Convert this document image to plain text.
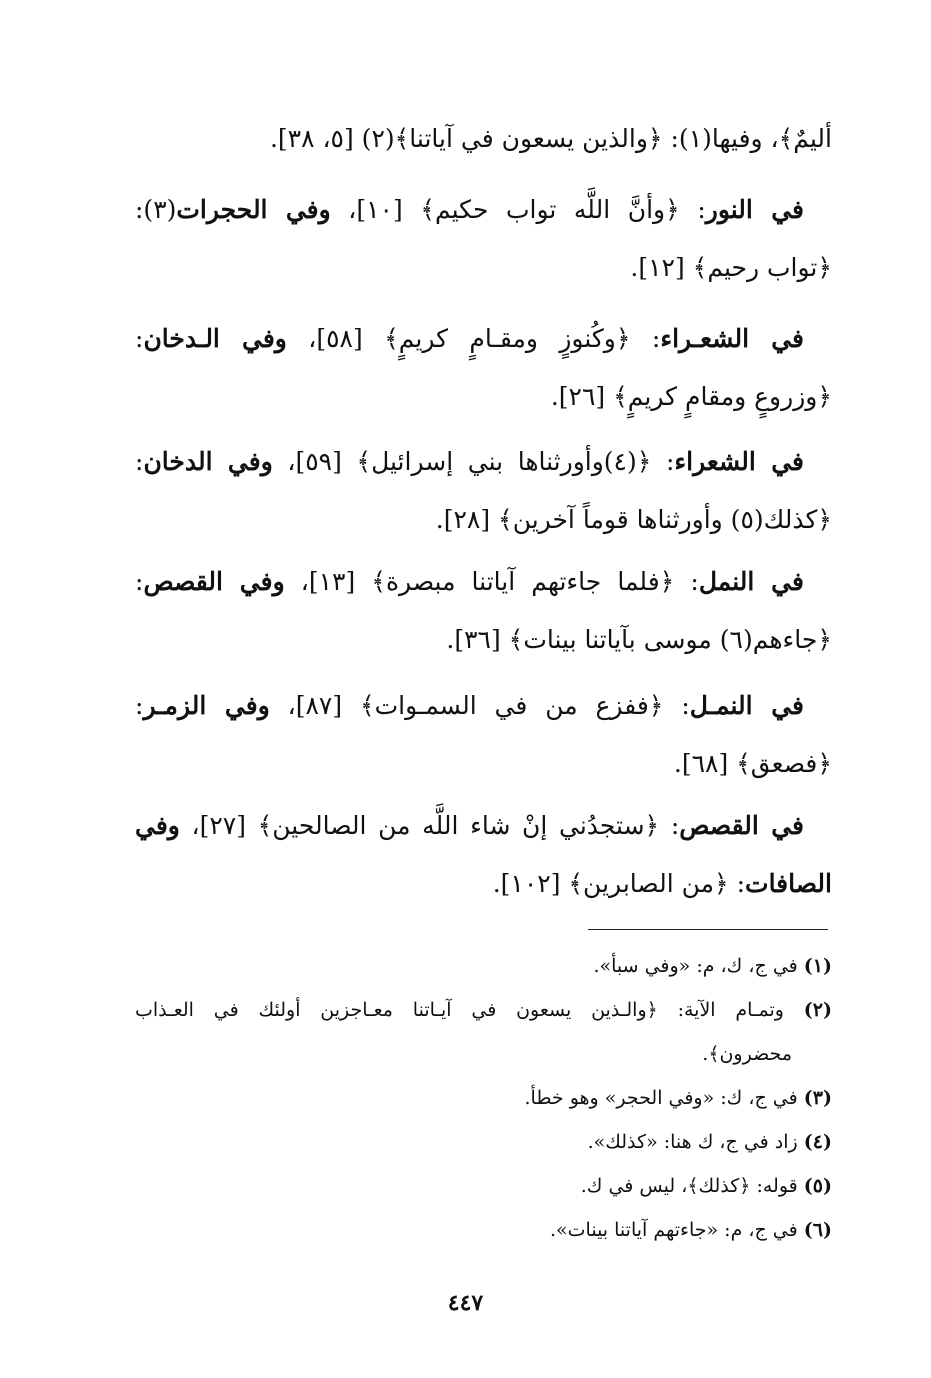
أليمٌ﴾، وفيها(١): ﴿والذين يسعون في آياتنا﴾(٢) [٥، ٣٨].
في النور: ﴿وأنَّ اللَّه تواب حكيم﴾ [١٠]، وفي الحجرات(٣):
﴿تواب رحيم﴾ [١٢].
في الشعـراء: ﴿وكُنوزٍ ومقـامٍ كريمٍ﴾ [٥٨]، وفي الـدخان:
﴿وزروعٍ ومقامٍ كريمٍ﴾ [٢٦].
في الشعراء: ﴿(٤)وأورثناها بني إسرائيل﴾ [٥٩]، وفي الدخان:
﴿كذلك(٥) وأورثناها قوماً آخرين﴾ [٢٨].
في النمل: ﴿فلما جاءتهم آياتنا مبصرة﴾ [١٣]، وفي القصص:
﴿جاءهم(٦) موسى بآياتنا بينات﴾ [٣٦].
في النمـل: ﴿ففزع من في السمـوات﴾ [٨٧]، وفي الزمـر:
﴿فصعق﴾ [٦٨].
في القصص: ﴿ستجدُني إنْ شاء اللَّه من الصالحين﴾ [٢٧]، وفي
الصافات: ﴿من الصابرين﴾ [١٠٢].
(١) في ج، ك، م: «وفي سبأ».
(٢) وتمـام الآية: ﴿والـذين يسعون في آيـاتنا معـاجزين أولئك في العـذاب
محضرون﴾.
(٣) في ج، ك: «وفي الحجر» وهو خطأ.
(٤) زاد في ج، ك هنا: «كذلك».
(٥) قوله: ﴿كذلك﴾، ليس في ك.
(٦) في ج، م: «جاءتهم آياتنا بينات».
٤٤٧
